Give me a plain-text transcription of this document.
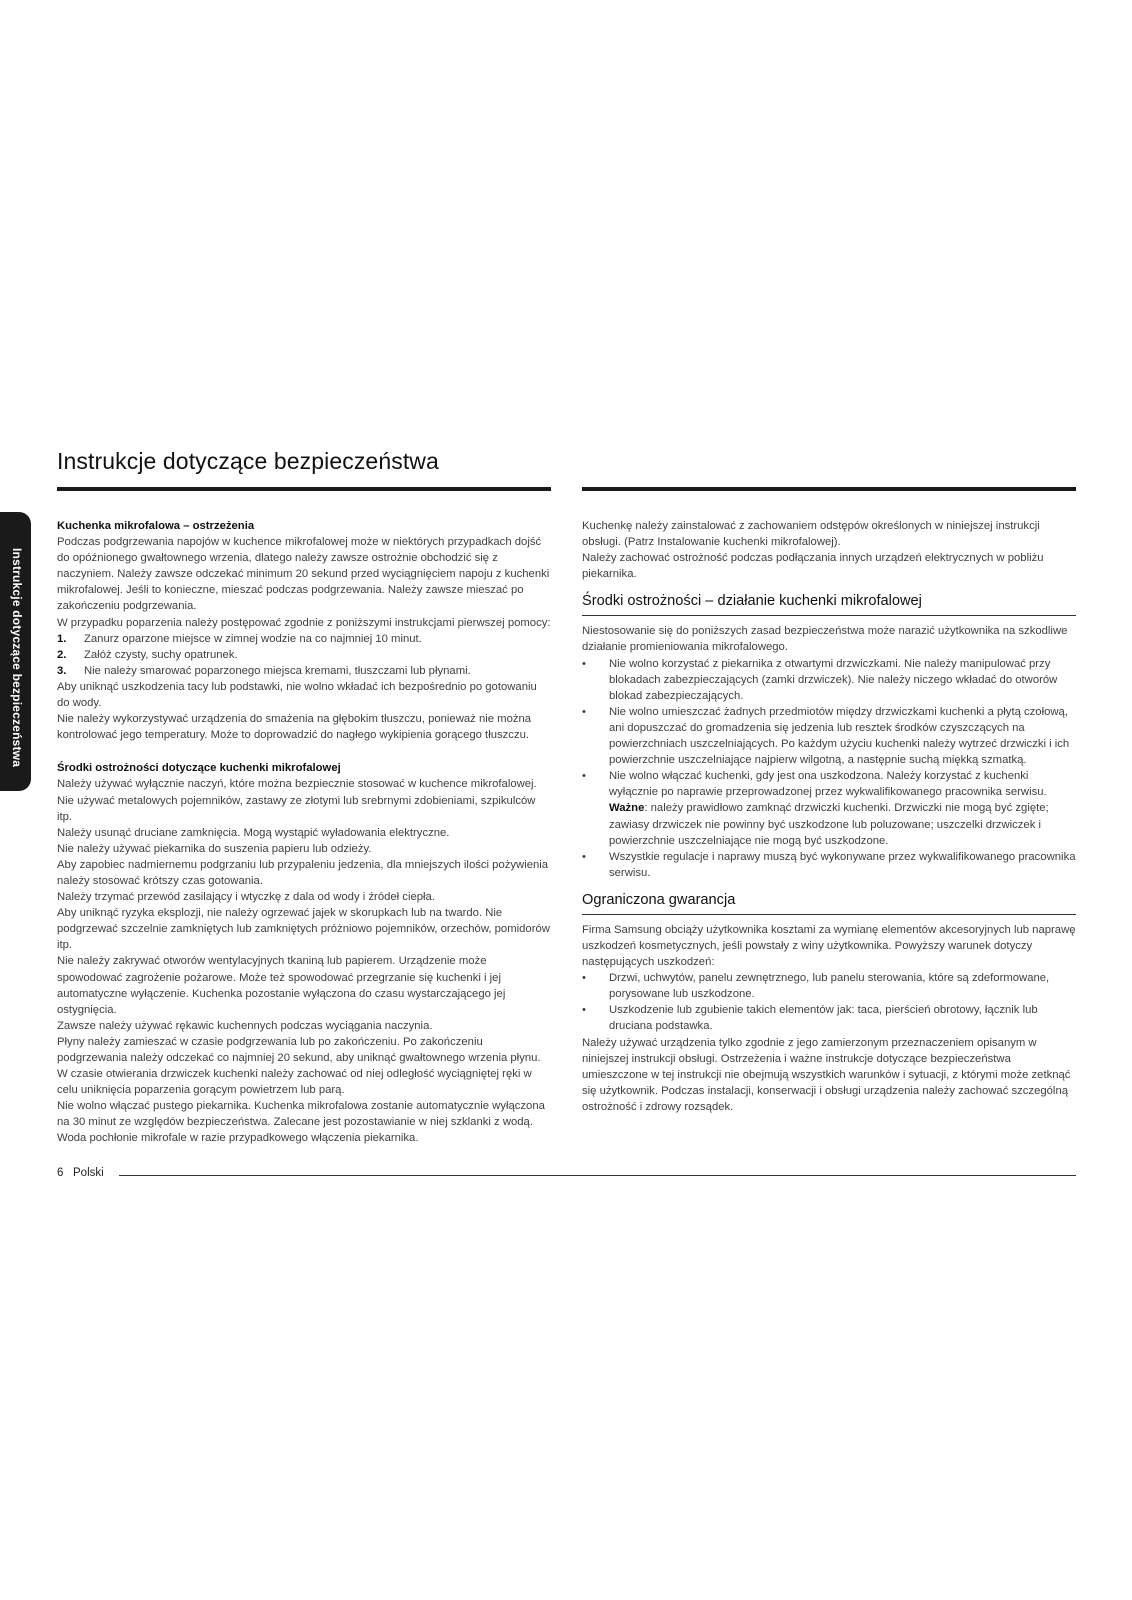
Instrukcje dotyczące bezpieczeństwa
Instrukcje dotyczące bezpieczeństwa

Kuchenka mikrofalowa – ostrzeżenia

Podczas podgrzewania napojów w kuchence mikrofalowej może w niektórych przypadkach dojść do opóźnionego gwałtownego wrzenia, dlatego należy zawsze ostrożnie obchodzić się z naczyniem. Należy zawsze odczekać minimum 20 sekund przed wyciągnięciem napoju z kuchenki mikrofalowej. Jeśli to konieczne, mieszać podczas podgrzewania. Należy zawsze mieszać po zakończeniu podgrzewania.

W przypadku poparzenia należy postępować zgodnie z poniższymi instrukcjami pierwszej pomocy:

1. Zanurz oparzone miejsce w zimnej wodzie na co najmniej 10 minut.
2. Załóż czysty, suchy opatrunek.
3. Nie należy smarować poparzonego miejsca kremami, tłuszczami lub płynami.

Aby uniknąć uszkodzenia tacy lub podstawki, nie wolno wkładać ich bezpośrednio po gotowaniu do wody.

Nie należy wykorzystywać urządzenia do smażenia na głębokim tłuszczu, ponieważ nie można kontrolować jego temperatury. Może to doprowadzić do nagłego wykipienia gorącego tłuszczu.

Środki ostrożności dotyczące kuchenki mikrofalowej

Należy używać wyłącznie naczyń, które można bezpiecznie stosować w kuchence mikrofalowej. Nie używać metalowych pojemników, zastawy ze złotymi lub srebrnymi zdobieniami, szpikulców itp.

Należy usunąć druciane zamknięcia. Mogą wystąpić wyładowania elektryczne.

Nie należy używać piekarnika do suszenia papieru lub odzieży.

Aby zapobiec nadmiernemu podgrzaniu lub przypaleniu jedzenia, dla mniejszych ilości pożywienia należy stosować krótszy czas gotowania.

Należy trzymać przewód zasilający i wtyczkę z dala od wody i źródeł ciepła.

Aby uniknąć ryzyka eksplozji, nie należy ogrzewać jajek w skorupkach lub na twardo. Nie podgrzewać szczelnie zamkniętych lub zamkniętych próżniowo pojemników, orzechów, pomidorów itp.

Nie należy zakrywać otworów wentylacyjnych tkaniną lub papierem. Urządzenie może spowodować zagrożenie pożarowe. Może też spowodować przegrzanie się kuchenki i jej automatyczne wyłączenie. Kuchenka pozostanie wyłączona do czasu wystarczającego jej ostygnięcia.

Zawsze należy używać rękawic kuchennych podczas wyciągania naczynia.

Płyny należy zamieszać w czasie podgrzewania lub po zakończeniu. Po zakończeniu podgrzewania należy odczekać co najmniej 20 sekund, aby uniknąć gwałtownego wrzenia płynu.

W czasie otwierania drzwiczek kuchenki należy zachować od niej odległość wyciągniętej ręki w celu uniknięcia poparzenia gorącym powietrzem lub parą.

Nie wolno włączać pustego piekarnika. Kuchenka mikrofalowa zostanie automatycznie wyłączona na 30 minut ze względów bezpieczeństwa. Zalecane jest pozostawianie w niej szklanki z wodą. Woda pochłonie mikrofale w razie przypadkowego włączenia piekarnika.

Kuchenkę należy zainstalować z zachowaniem odstępów określonych w niniejszej instrukcji obsługi. (Patrz Instalowanie kuchenki mikrofalowej).

Należy zachować ostrożność podczas podłączania innych urządzeń elektrycznych w pobliżu piekarnika.

Środki ostrożności – działanie kuchenki mikrofalowej

Niestosowanie się do poniższych zasad bezpieczeństwa może narazić użytkownika na szkodliwe działanie promieniowania mikrofalowego.

• Nie wolno korzystać z piekarnika z otwartymi drzwiczkami. Nie należy manipulować przy blokadach zabezpieczających (zamki drzwiczek). Nie należy niczego wkładać do otworów blokad zabezpieczających.
• Nie wolno umieszczać żadnych przedmiotów między drzwiczkami kuchenki a płytą czołową, ani dopuszczać do gromadzenia się jedzenia lub resztek środków czyszczących na powierzchniach uszczelniających. Po każdym użyciu kuchenki należy wytrzeć drzwiczki i ich powierzchnie uszczelniające najpierw wilgotną, a następnie suchą miękką szmatką.
• Nie wolno włączać kuchenki, gdy jest ona uszkodzona. Należy korzystać z kuchenki wyłącznie po naprawie przeprowadzonej przez wykwalifikowanego pracownika serwisu.
Ważne: należy prawidłowo zamknąć drzwiczki kuchenki. Drzwiczki nie mogą być zgięte; zawiasy drzwiczek nie powinny być uszkodzone lub poluzowane; uszczelki drzwiczek i powierzchnie uszczelniające nie mogą być uszkodzone.
• Wszystkie regulacje i naprawy muszą być wykonywane przez wykwalifikowanego pracownika serwisu.
Ograniczona gwarancja

Firma Samsung obciąży użytkownika kosztami za wymianę elementów akcesoryjnych lub naprawę uszkodzeń kosmetycznych, jeśli powstały z winy użytkownika. Powyższy warunek dotyczy następujących uszkodzeń:

• Drzwi, uchwytów, panelu zewnętrznego, lub panelu sterowania, które są zdeformowane, porysowane lub uszkodzone.
• Uszkodzenie lub zgubienie takich elementów jak: taca, pierścień obrotowy, łącznik lub druciana podstawka.

Należy używać urządzenia tylko zgodnie z jego zamierzonym przeznaczeniem opisanym w niniejszej instrukcji obsługi. Ostrzeżenia i ważne instrukcje dotyczące bezpieczeństwa umieszczone w tej instrukcji nie obejmują wszystkich warunków i sytuacji, z którymi może zetknąć się użytkownik. Podczas instalacji, konserwacji i obsługi urządzenia należy zachować szczególną ostrożność i zdrowy rozsądek.

6 Polski
